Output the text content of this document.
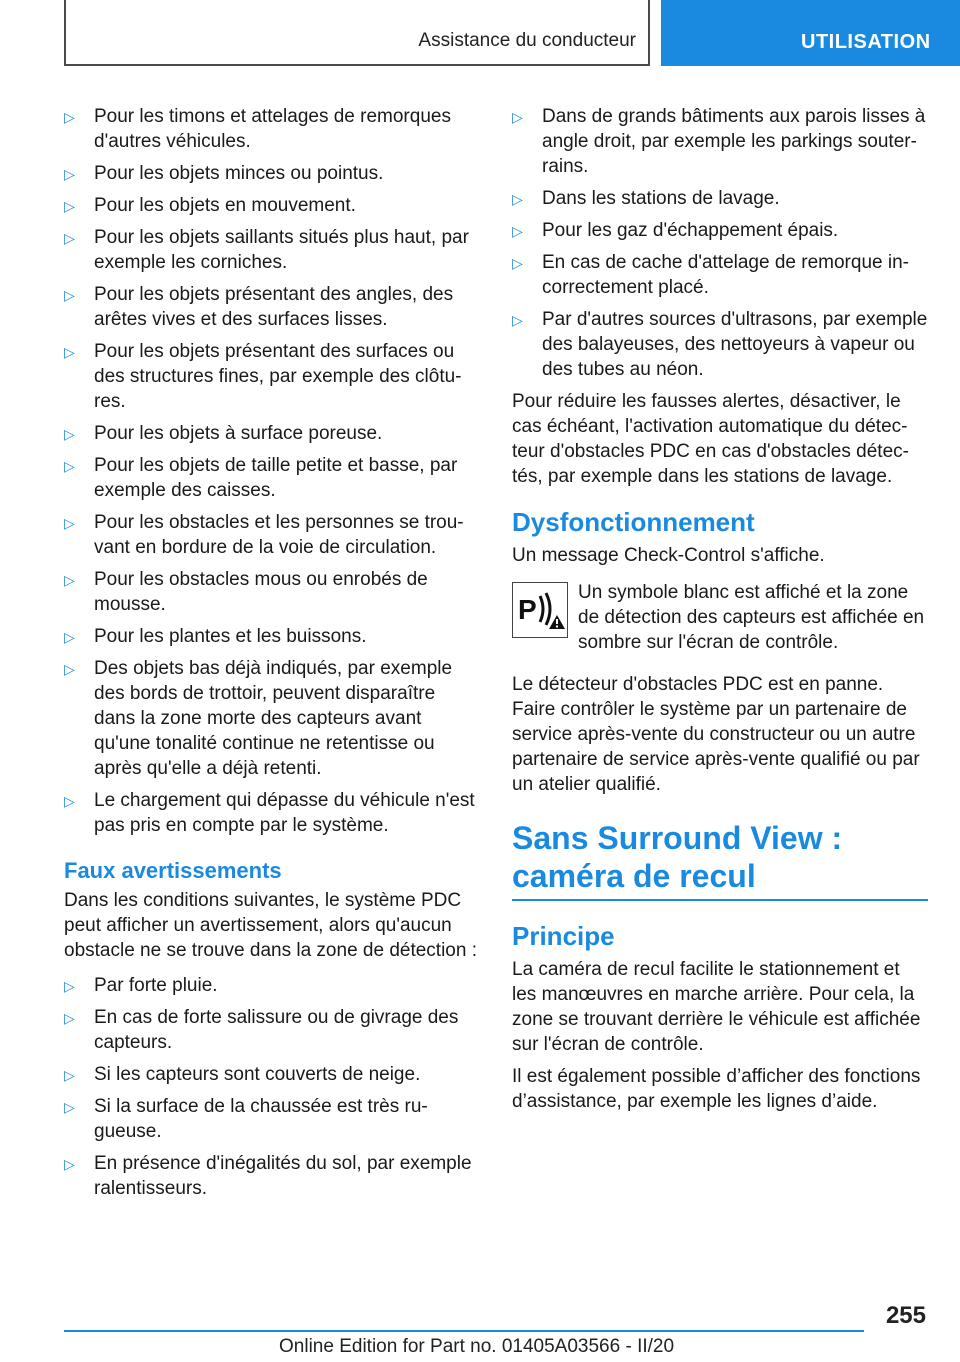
Assistance du conducteur	UTILISATION
▷ Pour les timons et attelages de remorques d'autres véhicules.
▷ Pour les objets minces ou pointus.
▷ Pour les objets en mouvement.
▷ Pour les objets saillants situés plus haut, par exemple les corniches.
▷ Pour les objets présentant des angles, des arêtes vives et des surfaces lisses.
▷ Pour les objets présentant des surfaces ou des structures fines, par exemple des clôtu‐ res.
▷ Pour les objets à surface poreuse.
▷ Pour les objets de taille petite et basse, par exemple des caisses.
▷ Pour les obstacles et les personnes se trou‐ vant en bordure de la voie de circulation.
▷ Pour les obstacles mous ou enrobés de mousse.
▷ Pour les plantes et les buissons.
▷ Des objets bas déjà indiqués, par exemple des bords de trottoir, peuvent disparaître dans la zone morte des capteurs avant qu'une tonalité continue ne retentisse ou après qu'elle a déjà retenti.
▷ Le chargement qui dépasse du véhicule n'est pas pris en compte par le système.
Faux avertissements

Dans les conditions suivantes, le système PDC peut afficher un avertissement, alors qu'aucun obstacle ne se trouve dans la zone de détection :

▷ Par forte pluie.
▷ En cas de forte salissure ou de givrage des capteurs.
▷ Si les capteurs sont couverts de neige.
▷ Si la surface de la chaussée est très ru‐ gueuse.
▷ En présence d'inégalités du sol, par exemple ralentisseurs.
▷ Dans de grands bâtiments aux parois lisses à angle droit, par exemple les parkings souter‐ rains.
▷ Dans les stations de lavage.
▷ Pour les gaz d'échappement épais.
▷ En cas de cache d'attelage de remorque in‐ correctement placé.
▷ Par d'autres sources d'ultrasons, par exemple des balayeuses, des nettoyeurs à vapeur ou des tubes au néon.

Pour réduire les fausses alertes, désactiver, le cas échéant, l'activation automatique du détec‐ teur d'obstacles PDC en cas d'obstacles détec‐ tés, par exemple dans les stations de lavage.

Dysfonctionnement

Un message Check-Control s'affiche.

P

Un symbole blanc est affiché et la zone de détection des capteurs est affichée en sombre sur l'écran de contrôle.

Le détecteur d'obstacles PDC est en panne. Faire contrôler le système par un partenaire de service après-vente du constructeur ou un autre partenaire de service après-vente qualifié ou par un atelier qualifié.

Sans Surround View : caméra de recul
Principe

La caméra de recul facilite le stationnement et les manœuvres en marche arrière. Pour cela, la zone se trouvant derrière le véhicule est affichée sur l'écran de contrôle.

Il est également possible d’afficher des fonctions d’assistance, par exemple les lignes d’aide.

255
Online Edition for Part no. 01405A03566 - II/20
